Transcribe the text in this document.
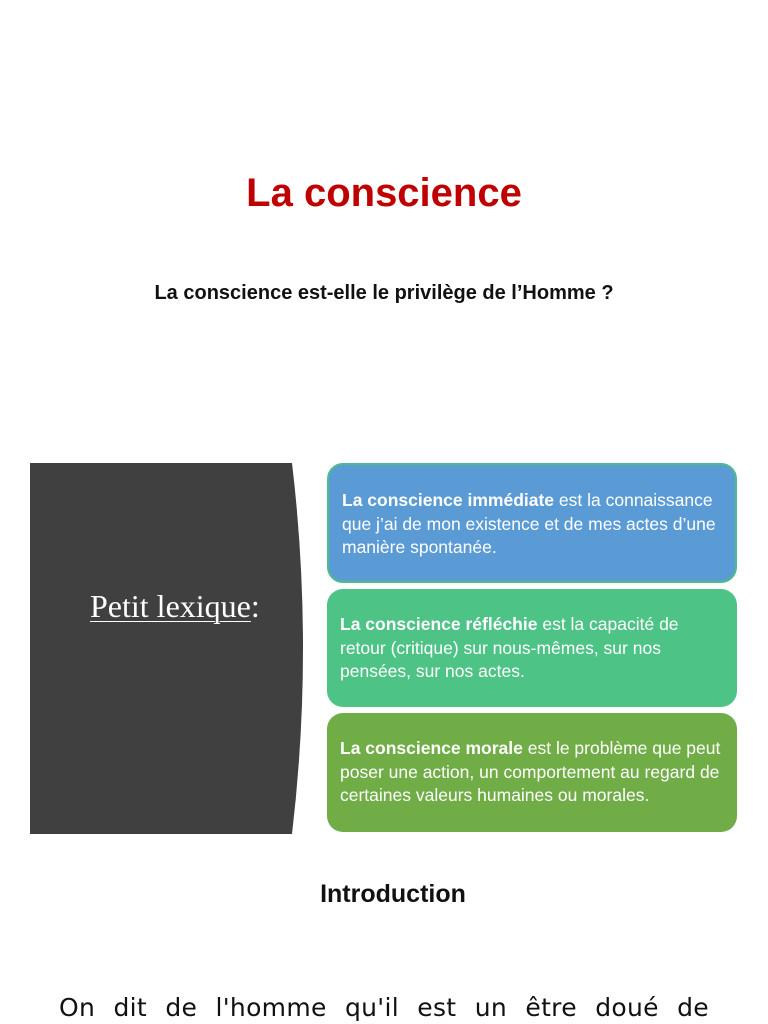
La conscience
La conscience est-elle le privilège de l’Homme ?
Petit lexique :
La conscience immédiate est la connaissance que j’ai de mon existence et de mes actes d’une manière spontanée.
La conscience réfléchie est la capacité de retour (critique) sur nous-mêmes, sur nos pensées, sur nos actes.
La conscience morale est le problème que peut poser une action, un comportement au regard de certaines valeurs humaines ou morales.
Introduction
On dit de l'homme qu'il est un être doué de
